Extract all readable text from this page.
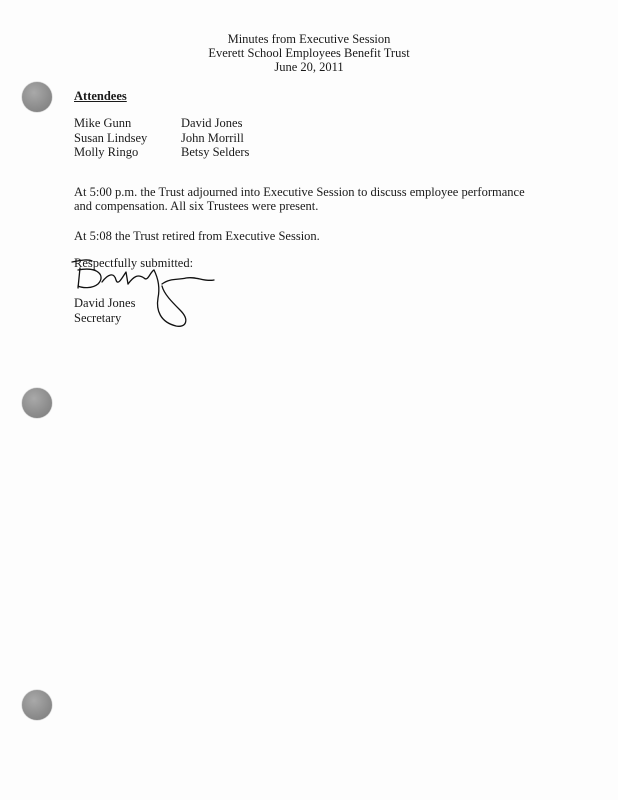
Minutes from Executive Session
Everett School Employees Benefit Trust
June 20, 2011
Attendees
Mike Gunn
Susan Lindsey
Molly Ringo
David Jones
John Morrill
Betsy Selders
At 5:00 p.m. the Trust adjourned into Executive Session to discuss employee performance and compensation. All six Trustees were present.
At 5:08 the Trust retired from Executive Session.
Respectfully submitted:
David Jones
Secretary
